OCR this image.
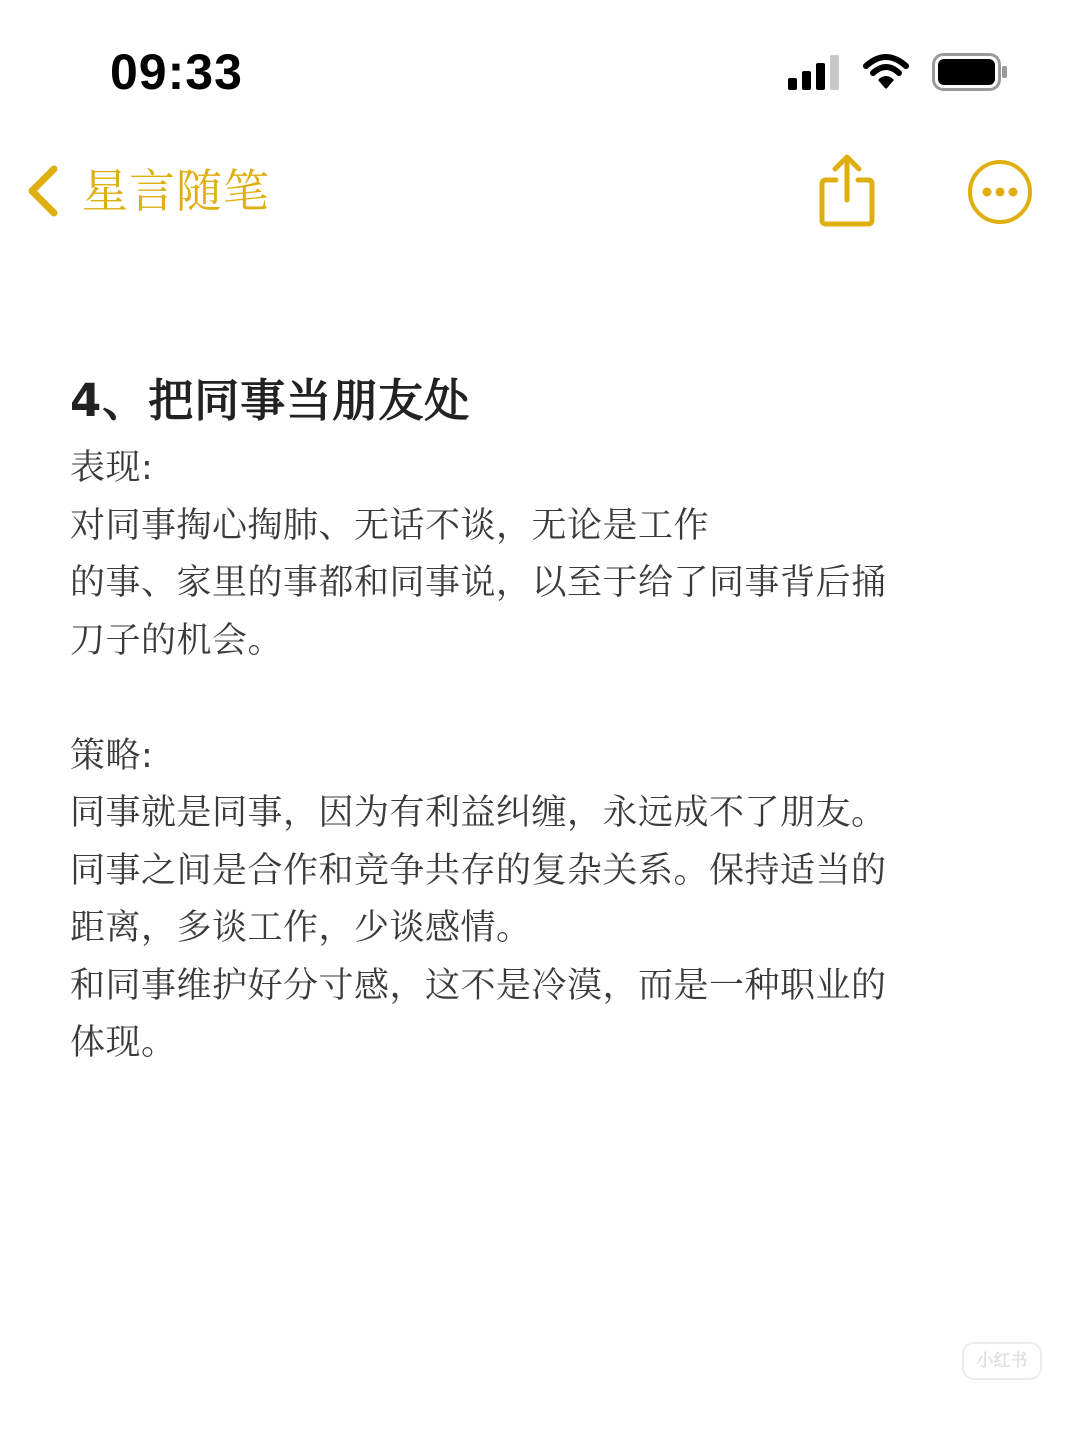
09:33
星言随笔
4、把同事当朋友处
表现:
对同事掏心掏肺、无话不谈，无论是工作
的事、家里的事都和同事说，以至于给了同事背后捅
刀子的机会。
策略:
同事就是同事，因为有利益纠缠，永远成不了朋友。
同事之间是合作和竞争共存的复杂关系。保持适当的
距离，多谈工作，少谈感情。
和同事维护好分寸感，这不是冷漠，而是一种职业的
体现。
小红书
